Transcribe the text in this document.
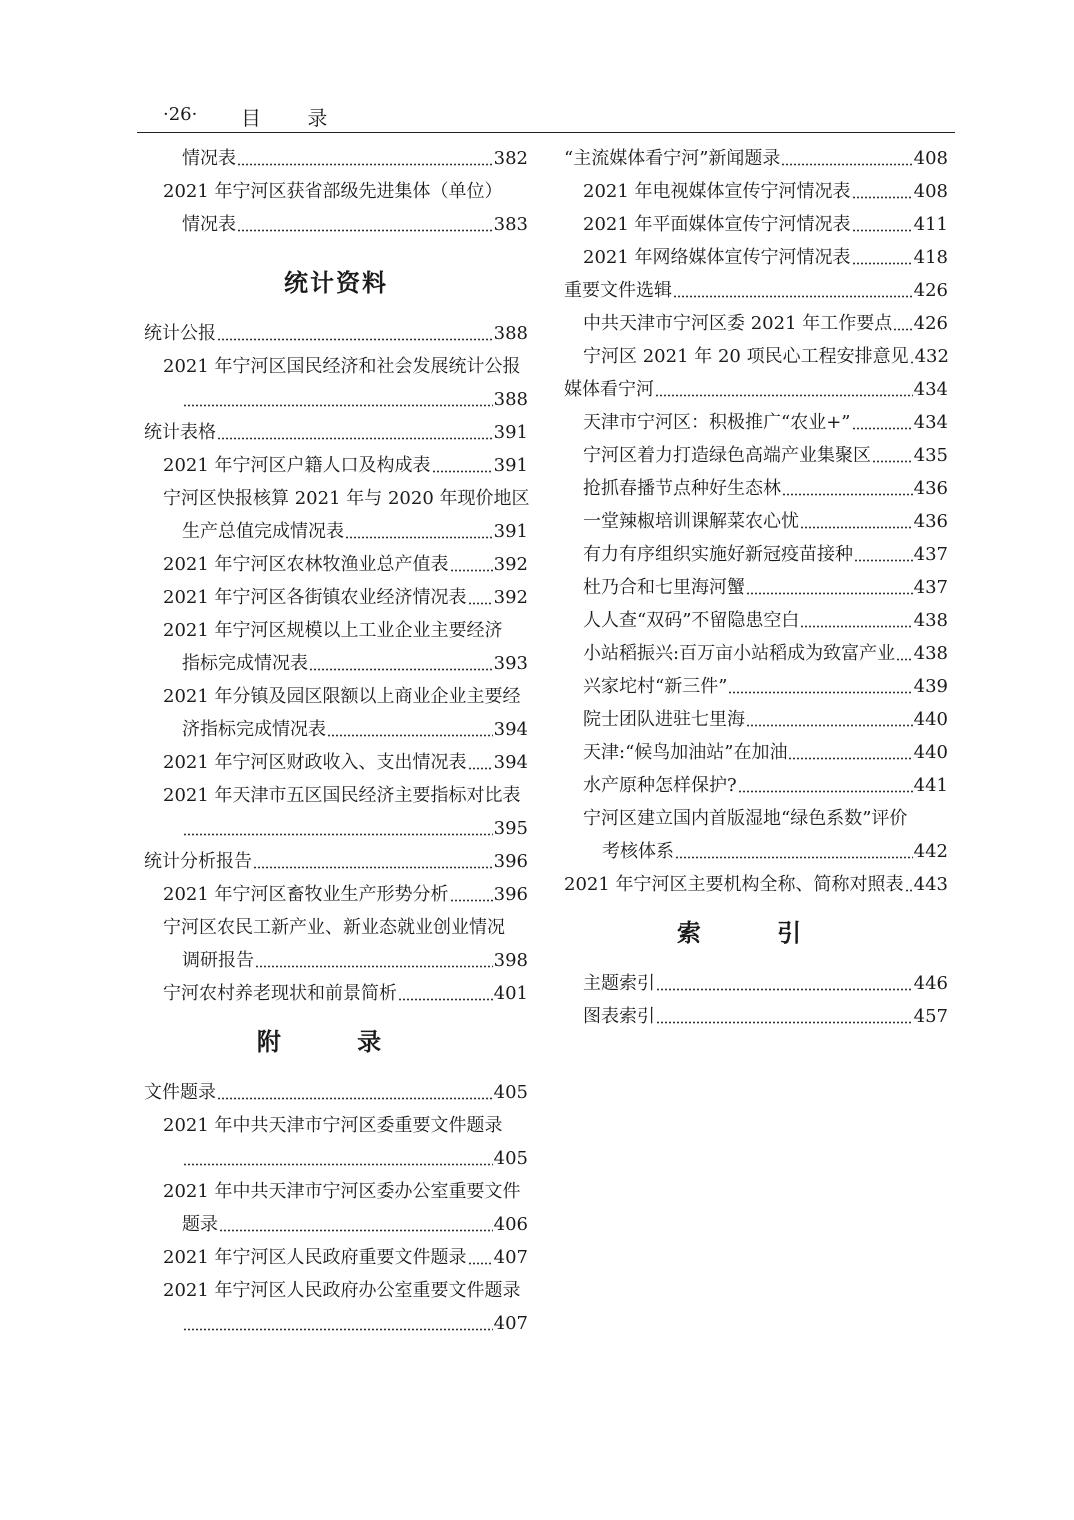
·26· 目 录
情况表	382
2021 年宁河区获省部级先进集体（单位）
情况表	383
统计资料
统计公报	388
2021 年宁河区国民经济和社会发展统计公报
388
统计表格	391
2021 年宁河区户籍人口及构成表	391
宁河区快报核算 2021 年与 2020 年现价地区
生产总值完成情况表	391
2021 年宁河区农林牧渔业总产值表	392
2021 年宁河区各街镇农业经济情况表 392
2021 年宁河区规模以上工业企业主要经济
指标完成情况表	393
2021 年分镇及园区限额以上商业企业主要经
济指标完成情况表	394
2021 年宁河区财政收入、支出情况表 394
2021 年天津市五区国民经济主要指标对比表
395
统计分析报告	396
2021 年宁河区畜牧业生产形势分析	396
宁河区农民工新产业、新业态就业创业情况
调研报告	398
宁河农村养老现状和前景简析	401
附 录
文件题录	405
2021 年中共天津市宁河区委重要文件题录
405
2021 年中共天津市宁河区委办公室重要文件
题录	406
2021 年宁河区人民政府重要文件题录 407
2021 年宁河区人民政府办公室重要文件题录
407
“主流媒体看宁河”新闻题录	408
2021 年电视媒体宣传宁河情况表	408
2021 年平面媒体宣传宁河情况表	411
2021 年网络媒体宣传宁河情况表	418
重要文件选辑	426
中共天津市宁河区委 2021 年工作要点 426
宁河区 2021 年 20 项民心工程安排意见 432
媒体看宁河	434
天津市宁河区：积极推广“农业+”	434
宁河区着力打造绿色高端产业集聚区 435
抢抓春播节点种好生态林	436
一堂辣椒培训课解菜农心忧	436
有力有序组织实施好新冠疫苗接种	437
杜乃合和七里海河蟹	437
人人查“双码”不留隐患空白	438
小站稻振兴:百万亩小站稻成为致富产业 438
兴家坨村“新三件”	439
院士团队进驻七里海	440
天津:“候鸟加油站”在加油	440
水产原种怎样保护?	441
宁河区建立国内首版湿地“绿色系数”评价
考核体系	442
2021 年宁河区主要机构全称、简称对照表 443
索 引
主题索引	446
图表索引	457
